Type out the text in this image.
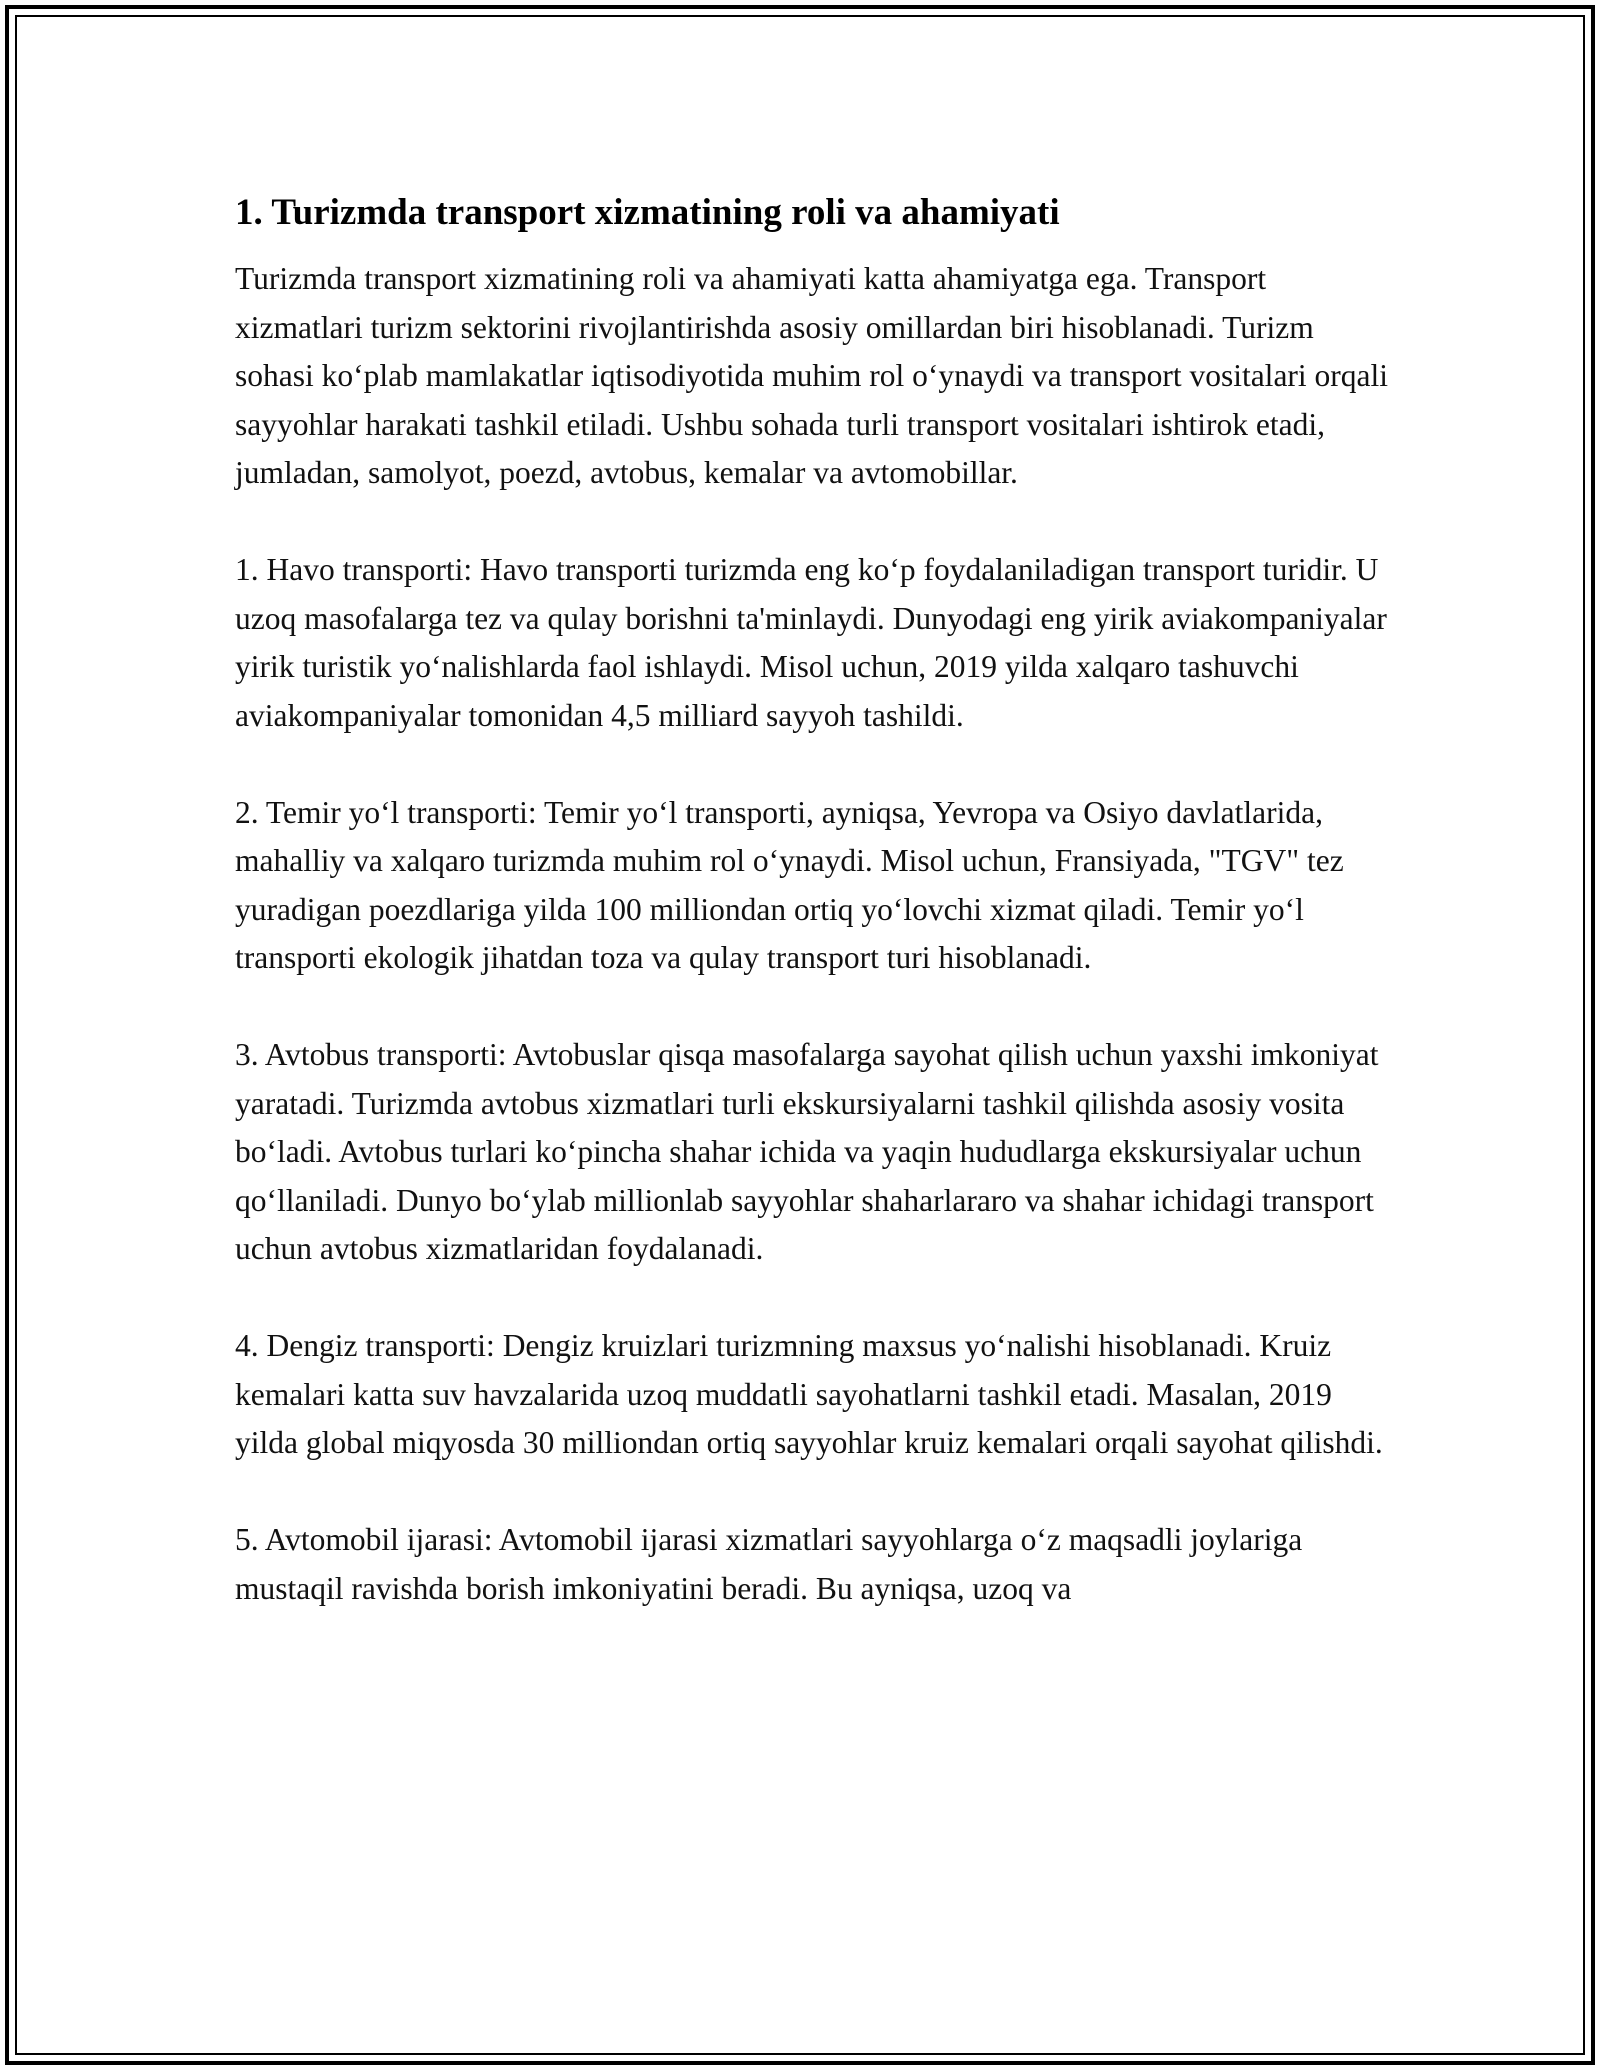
1. Turizmda transport xizmatining roli va ahamiyati

Turizmda transport xizmatining roli va ahamiyati katta ahamiyatga ega. Transport xizmatlari turizm sektorini rivojlantirishda asosiy omillardan biri hisoblanadi. Turizm sohasi ko‘plab mamlakatlar iqtisodiyotida muhim rol o‘ynaydi va transport vositalari orqali sayyohlar harakati tashkil etiladi. Ushbu sohada turli transport vositalari ishtirok etadi, jumladan, samolyot, poezd, avtobus, kemalar va avtomobillar.

1. Havo transporti: Havo transporti turizmda eng ko‘p foydalaniladigan transport turidir. U uzoq masofalarga tez va qulay borishni ta'minlaydi. Dunyodagi eng yirik aviakompaniyalar yirik turistik yo‘nalishlarda faol ishlaydi. Misol uchun, 2019 yilda xalqaro tashuvchi aviakompaniyalar tomonidan 4,5 milliard sayyoh tashildi.

2. Temir yo‘l transporti: Temir yo‘l transporti, ayniqsa, Yevropa va Osiyo davlatlarida, mahalliy va xalqaro turizmda muhim rol o‘ynaydi. Misol uchun, Fransiyada, "TGV" tez yuradigan poezdlariga yilda 100 milliondan ortiq yo‘lovchi xizmat qiladi. Temir yo‘l transporti ekologik jihatdan toza va qulay transport turi hisoblanadi.

3. Avtobus transporti: Avtobuslar qisqa masofalarga sayohat qilish uchun yaxshi imkoniyat yaratadi. Turizmda avtobus xizmatlari turli ekskursiyalarni tashkil qilishda asosiy vosita bo‘ladi. Avtobus turlari ko‘pincha shahar ichida va yaqin hududlarga ekskursiyalar uchun qo‘llaniladi. Dunyo bo‘ylab millionlab sayyohlar shaharlararo va shahar ichidagi transport uchun avtobus xizmatlaridan foydalanadi.

4. Dengiz transporti: Dengiz kruizlari turizmning maxsus yo‘nalishi hisoblanadi. Kruiz kemalari katta suv havzalarida uzoq muddatli sayohatlarni tashkil etadi. Masalan, 2019 yilda global miqyosda 30 milliondan ortiq sayyohlar kruiz kemalari orqali sayohat qilishdi.

5. Avtomobil ijarasi: Avtomobil ijarasi xizmatlari sayyohlarga o‘z maqsadli joylariga mustaqil ravishda borish imkoniyatini beradi. Bu ayniqsa, uzoq va
